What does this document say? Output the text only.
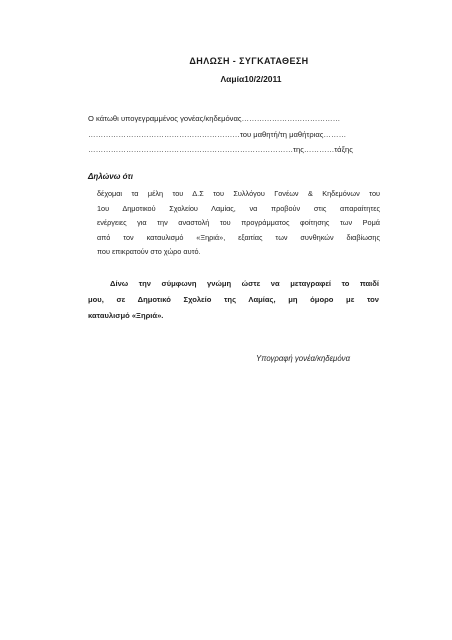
ΔΗΛΩΣΗ - ΣΥΓΚΑΤΑΘΕΣΗ
Λαμία10/2/2011
Ο κάτωθι υπογεγραμμένος γονέας/κηδεμόνας…………………………………
……………………………………………………του μαθητή/τη μαθήτριας………
………………………………………………………………………της…………τάξης
Δηλώνω ότι
δέχομαι τα μέλη του Δ.Σ του Συλλόγου Γονέων & Κηδεμόνων του
1ου Δημοτικού Σχολείου Λαμίας, να προβούν στις απαραίτητες
ενέργειες για την αναστολή του προγράμματος φοίτησης των Ρομά
από τον καταυλισμό «Ξηριά», εξαιτίας των συνθηκών διαβίωσης
που επικρατούν στο χώρο αυτό.
Δίνω την σύμφωνη γνώμη ώστε να μεταγραφεί το παιδί
μου, σε Δημοτικό Σχολείο της Λαμίας, μη όμορο με τον
καταυλισμό «Ξηριά».
Υπογραφή γονέα/κηδεμόνα
